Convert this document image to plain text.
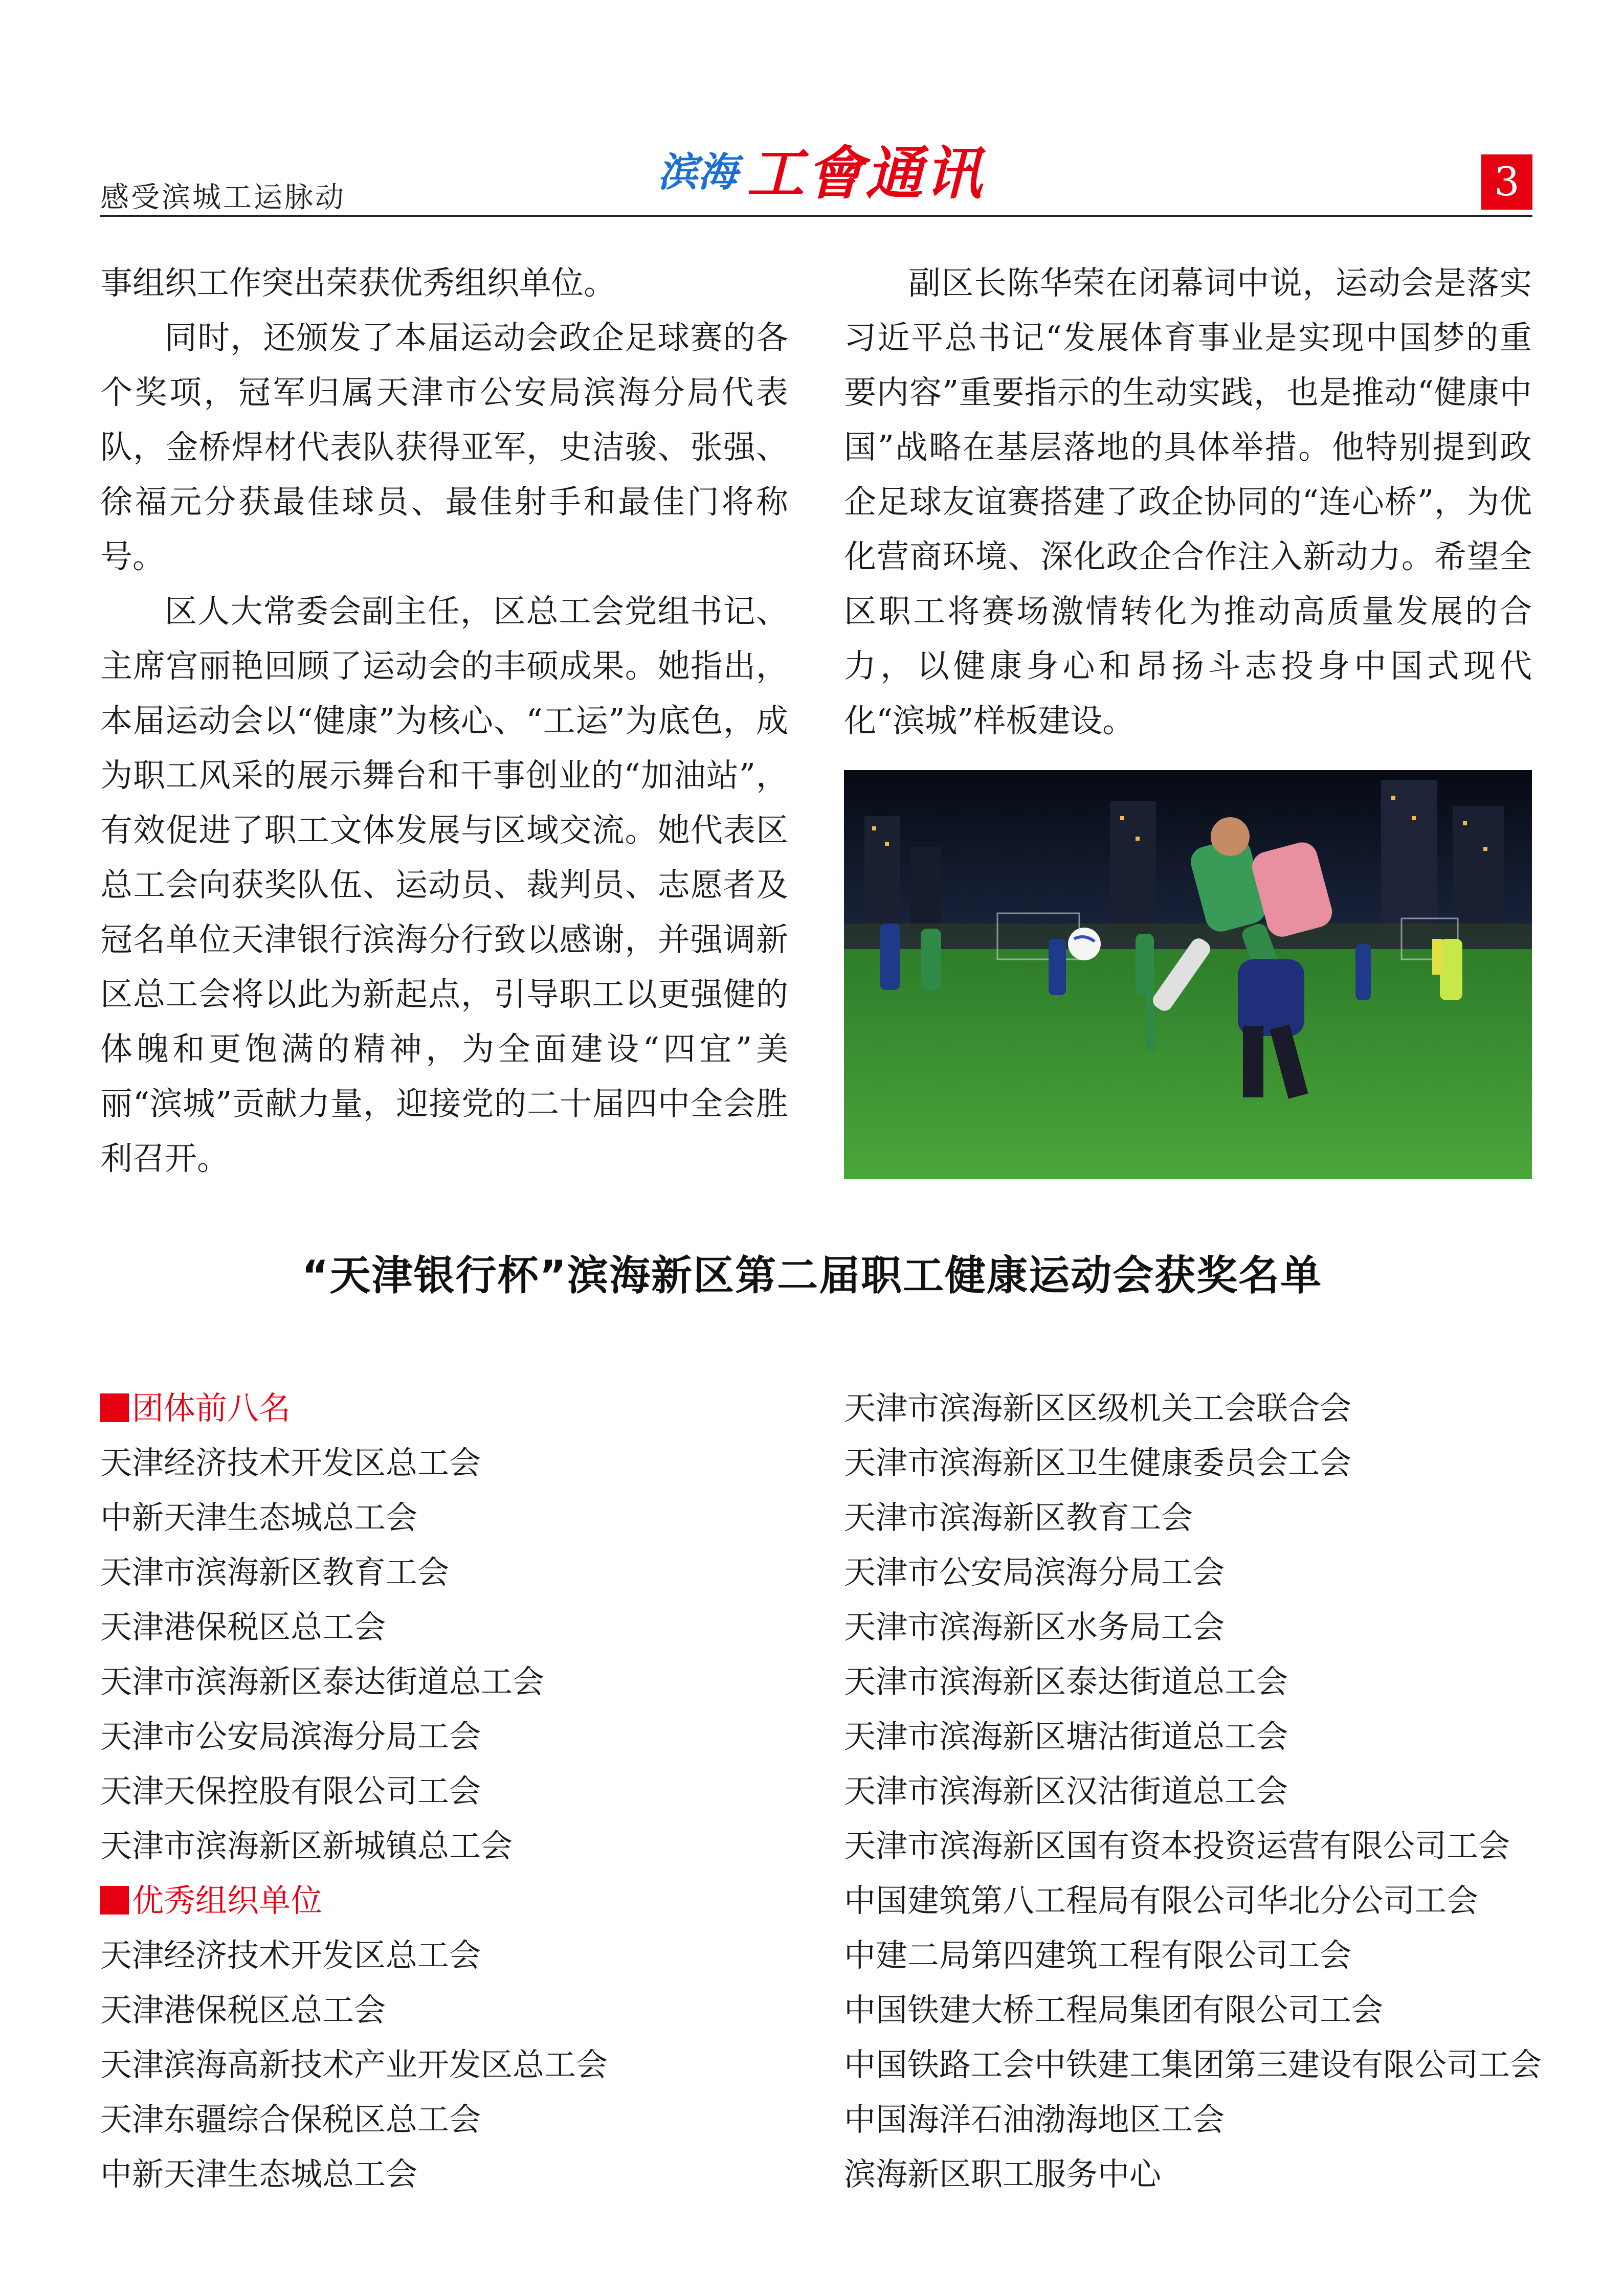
感受滨城工运脉动
滨海 工會通讯	3

事组织工作突出荣获优秀组织单位。

同时，还颁发了本届运动会政企足球赛的各个奖项，冠军归属天津市公安局滨海分局代表队，金桥焊材代表队获得亚军，史洁骏、张强、徐福元分获最佳球员、最佳射手和最佳门将称号。

区人大常委会副主任，区总工会党组书记、主席宫丽艳回顾了运动会的丰硕成果。她指出，本届运动会以“健康”为核心、“工运”为底色，成为职工风采的展示舞台和干事创业的“加油站”，有效促进了职工文体发展与区域交流。她代表区总工会向获奖队伍、运动员、裁判员、志愿者及冠名单位天津银行滨海分行致以感谢，并强调新区总工会将以此为新起点，引导职工以更强健的体魄和更饱满的精神，为全面建设“四宜”美丽“滨城”贡献力量，迎接党的二十届四中全会胜利召开。

副区长陈华荣在闭幕词中说，运动会是落实习近平总书记“发展体育事业是实现中国梦的重要内容”重要指示的生动实践，也是推动“健康中国”战略在基层落地的具体举措。他特别提到政企足球友谊赛搭建了政企协同的“连心桥”，为优化营商环境、深化政企合作注入新动力。希望全区职工将赛场激情转化为推动高质量发展的合力，以健康身心和昂扬斗志投身中国式现代化“滨城”样板建设。

“天津银行杯”滨海新区第二届职工健康运动会获奖名单
团体前八名
天津经济技术开发区总工会
中新天津生态城总工会
天津市滨海新区教育工会
天津港保税区总工会
天津市滨海新区泰达街道总工会
天津市公安局滨海分局工会
天津天保控股有限公司工会
天津市滨海新区新城镇总工会
优秀组织单位
天津经济技术开发区总工会
天津港保税区总工会
天津滨海高新技术产业开发区总工会
天津东疆综合保税区总工会
中新天津生态城总工会
天津市滨海新区区级机关工会联合会
天津市滨海新区卫生健康委员会工会
天津市滨海新区教育工会
天津市公安局滨海分局工会
天津市滨海新区水务局工会
天津市滨海新区泰达街道总工会
天津市滨海新区塘沽街道总工会
天津市滨海新区汉沽街道总工会
天津市滨海新区国有资本投资运营有限公司工会
中国建筑第八工程局有限公司华北分公司工会
中建二局第四建筑工程有限公司工会
中国铁建大桥工程局集团有限公司工会
中国铁路工会中铁建工集团第三建设有限公司工会
中国海洋石油渤海地区工会
滨海新区职工服务中心
